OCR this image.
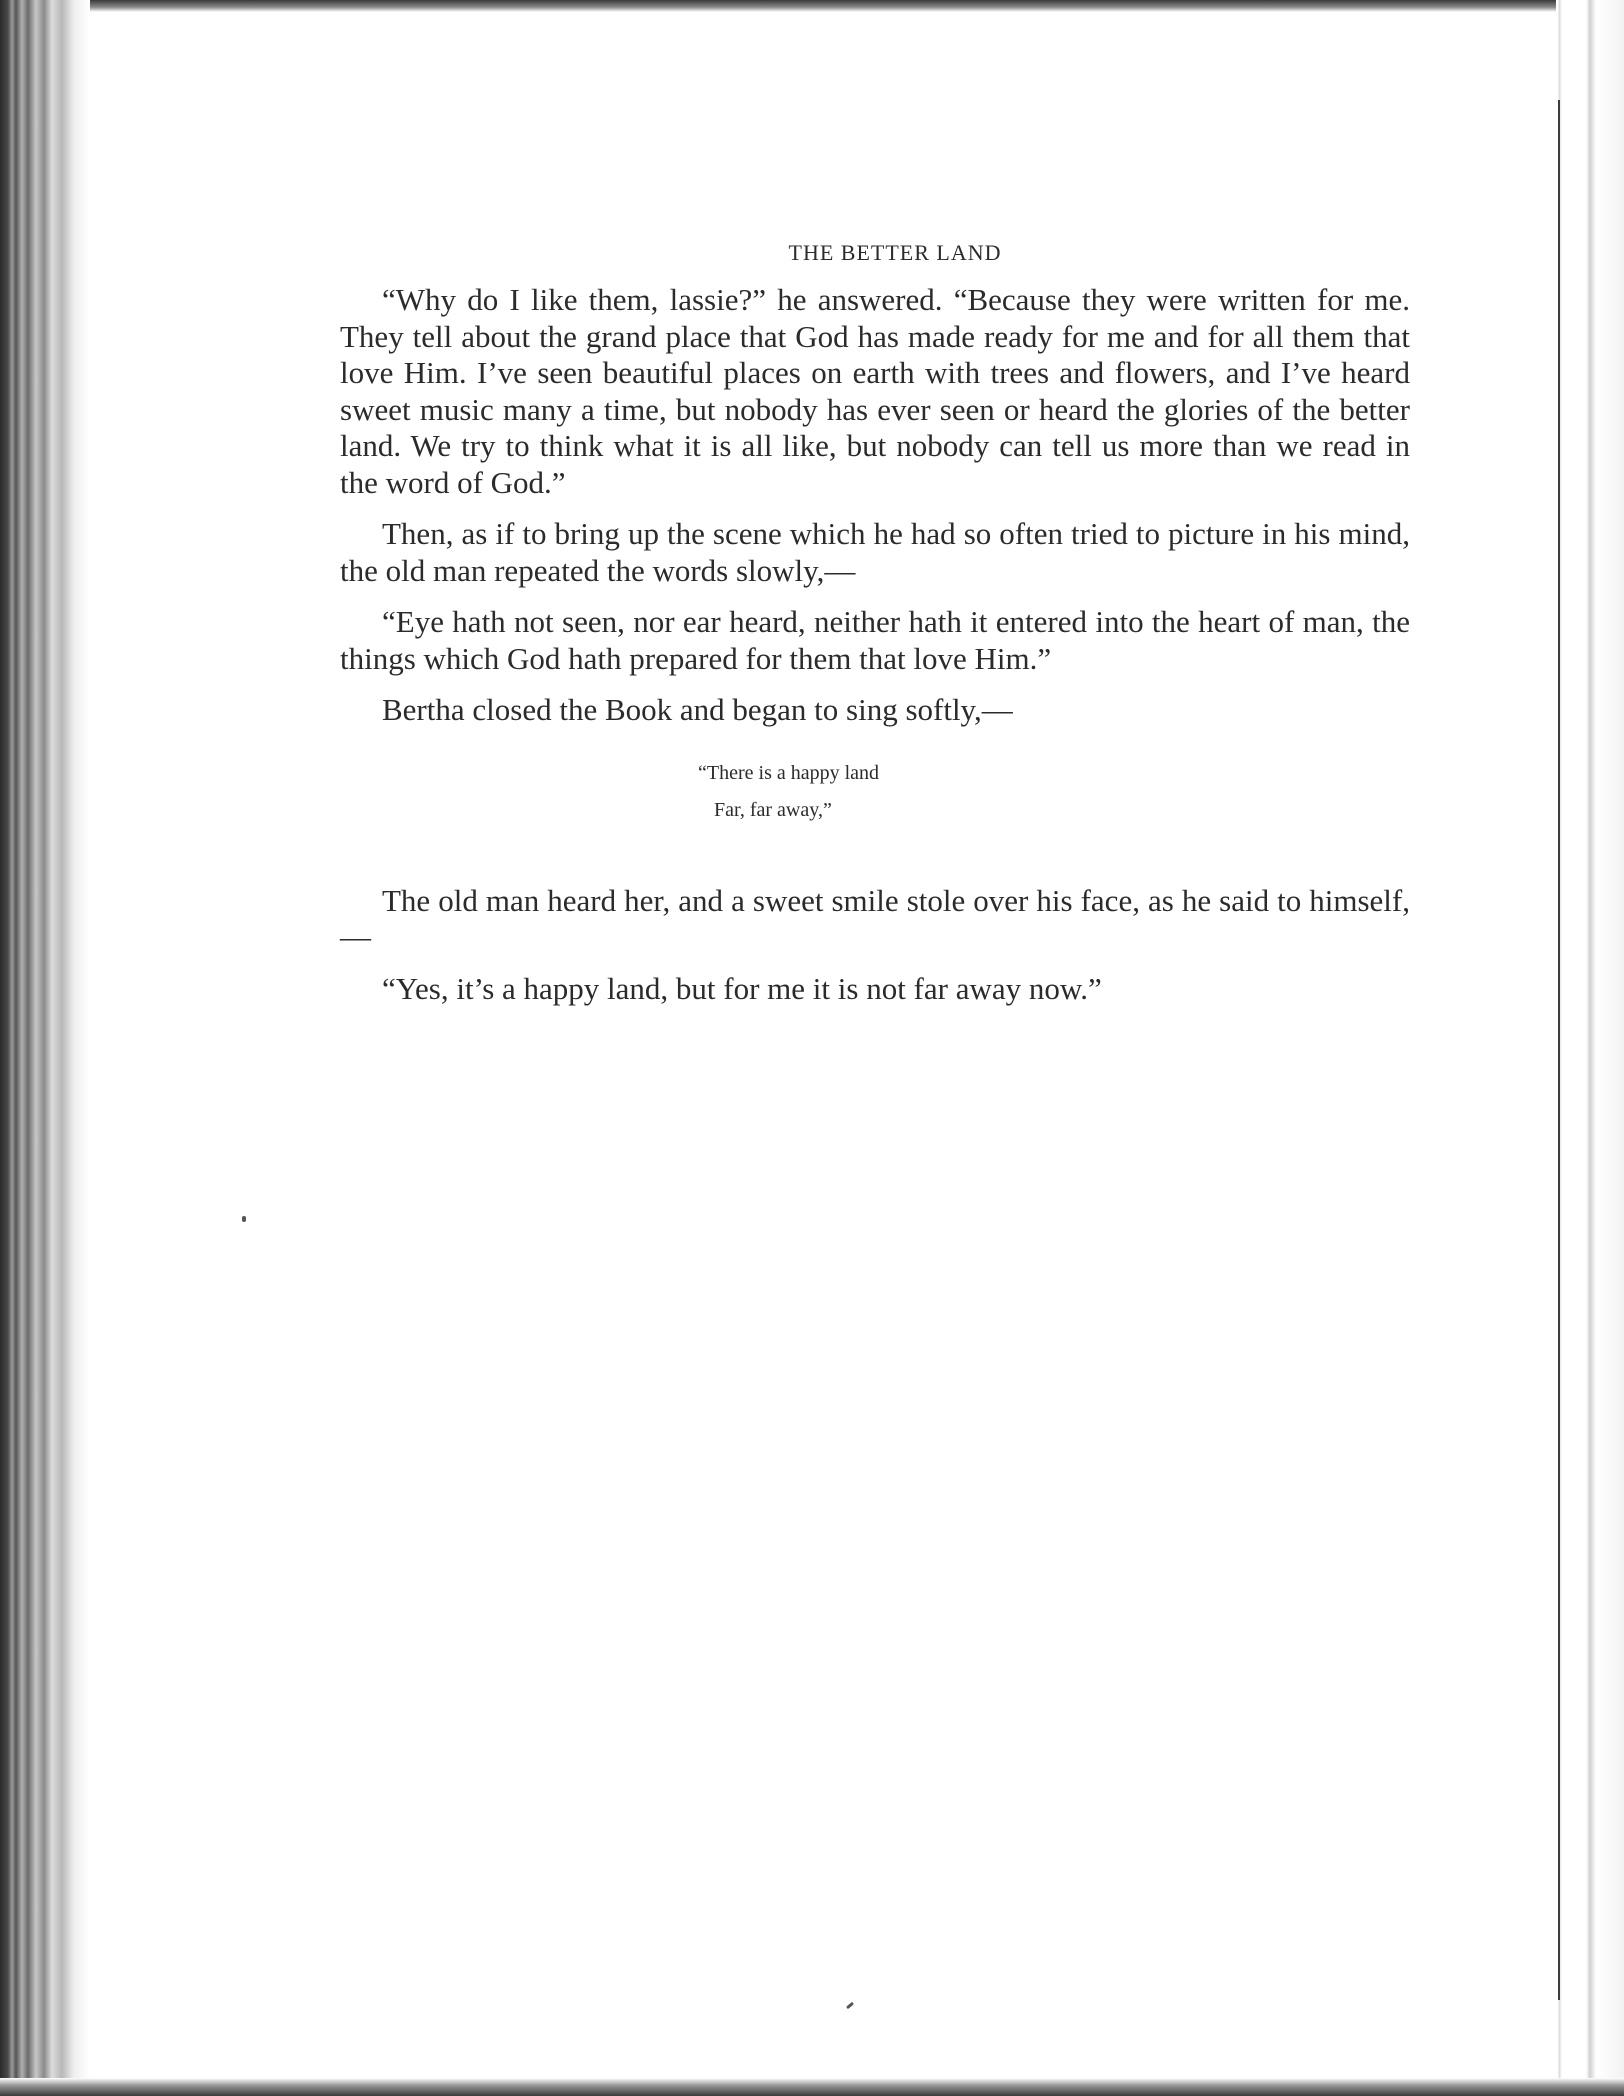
THE BETTER LAND

“Why do I like them, lassie?” he answered. “Because they were written for me. They tell about the grand place that God has made ready for me and for all them that love Him. I’ve seen beautiful places on earth with trees and flowers, and I’ve heard sweet music many a time, but nobody has ever seen or heard the glories of the better land. We try to think what it is all like, but nobody can tell us more than we read in the word of God.”

Then, as if to bring up the scene which he had so often tried to picture in his mind, the old man repeated the words slowly,—

“Eye hath not seen, nor ear heard, neither hath it entered into the heart of man, the things which God hath prepared for them that love Him.”

Bertha closed the Book and began to sing softly,—

“There is a happy land
Far, far away,”

The old man heard her, and a sweet smile stole over his face, as he said to himself,—

“Yes, it’s a happy land, but for me it is not far away now.”
